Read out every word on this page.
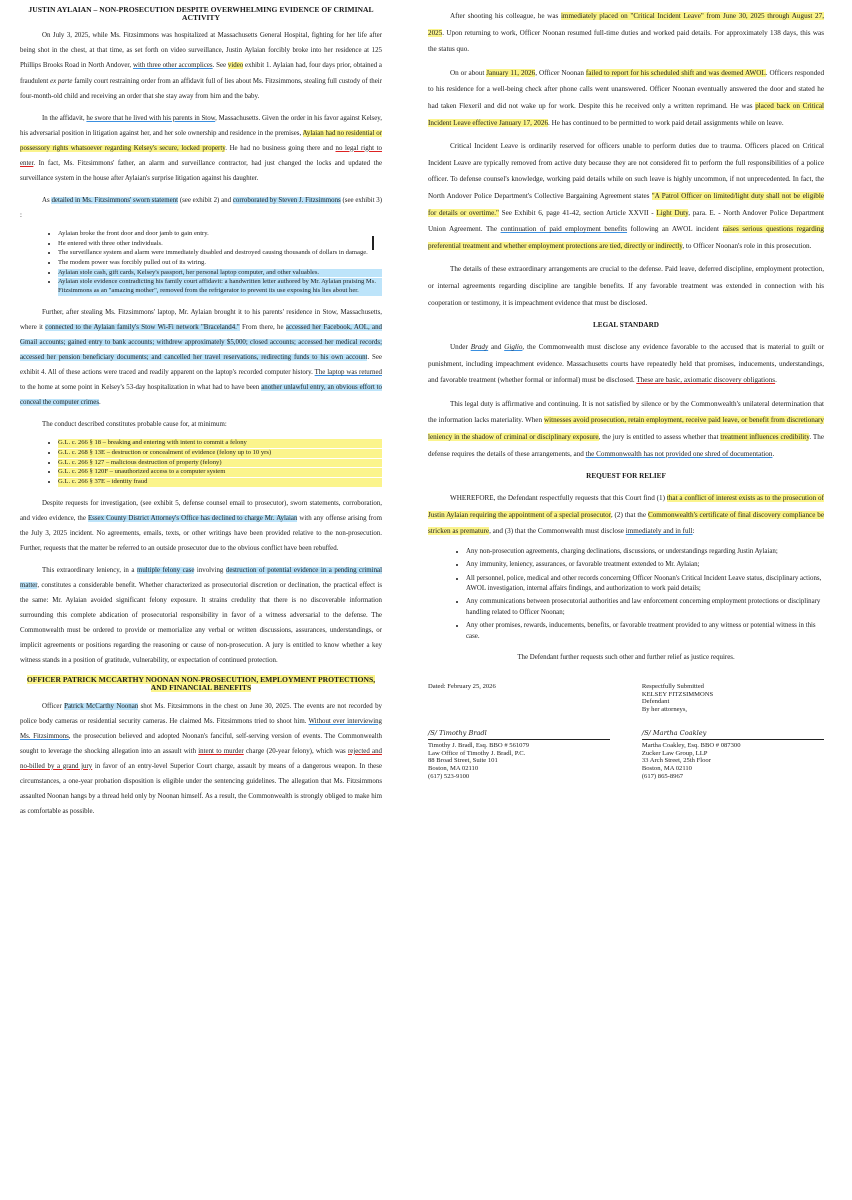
JUSTIN AYLAIAN – NON-PROSECUTION DESPITE OVERWHELMING EVIDENCE OF CRIMINAL ACTIVITY

On July 3, 2025, while Ms. Fitzsimmons was hospitalized at Massachusetts General Hospital, fighting for her life after being shot in the chest, at that time, as set forth on video surveillance, Justin Aylaian forcibly broke into her residence at 125 Phillips Brooks Road in North Andover, with three other accomplices. See video exhibit 1. Aylaian had, four days prior, obtained a fraudulent ex parte family court restraining order from an affidavit full of lies about Ms. Fitzsimmons, stealing full custody of their four-month-old child and receiving an order that she stay away from him and the baby.

In the affidavit, he swore that he lived with his parents in Stow, Massachusetts. Given the order in his favor against Kelsey, his adversarial position in litigation against her, and her sole ownership and residence in the premises, Aylaian had no residential or possessory rights whatsoever regarding Kelsey's secure, locked property. He had no business going there and no legal right to enter. In fact, Ms. Fitzsimmons' father, an alarm and surveillance contractor, had just changed the locks and updated the surveillance system in the house after Aylaian's surprise litigation against his daughter.

As detailed in Ms. Fitzsimmons' sworn statement (see exhibit 2) and corroborated by Steven J. Fitzsimmons (see exhibit 3) :

• Aylaian broke the front door and door jamb to gain entry.
• He entered with three other individuals.
• The surveillance system and alarm were immediately disabled and destroyed causing thousands of dollars in damage.
• The modem power was forcibly pulled out of its wiring.
• Aylaian stole cash, gift cards, Kelsey's passport, her personal laptop computer, and other valuables.
• Aylaian stole evidence contradicting his family court affidavit: a handwritten letter authored by Mr. Aylaian praising Ms. Fitzsimmons as an "amazing mother", removed from the refrigerator to prevent its use exposing his lies about her.

Further, after stealing Ms. Fitzsimmons' laptop, Mr. Aylaian brought it to his parents' residence in Stow, Massachusetts, where it connected to the Aylaian family's Stow Wi-Fi network "Braceland4." From there, he accessed her Facebook, AOL, and Gmail accounts; gained entry to bank accounts; withdrew approximately $5,000; closed accounts; accessed her medical records; accessed her pension beneficiary documents; and cancelled her travel reservations, redirecting funds to his own account. See exhibit 4. All of these actions were traced and readily apparent on the laptop's recorded computer history. The laptop was returned to the home at some point in Kelsey's 53-day hospitalization in what had to have been another unlawful entry, an obvious effort to conceal the computer crimes.

The conduct described constitutes probable cause for, at minimum:

• G.L. c. 266 § 18 – breaking and entering with intent to commit a felony
• G.L. c. 268 § 13E – destruction or concealment of evidence (felony up to 10 yrs)
• G.L. c. 266 § 127 – malicious destruction of property (felony)
• G.L. c. 266 § 120F – unauthorized access to a computer system
• G.L. c. 266 § 37E – identity fraud

Despite requests for investigation, (see exhibit 5, defense counsel email to prosecutor), sworn statements, corroboration, and video evidence, the Essex County District Attorney's Office has declined to charge Mr. Aylaian with any offense arising from the July 3, 2025 incident. No agreements, emails, texts, or other writings have been provided relative to the non-prosecution. Further, requests that the matter be referred to an outside prosecutor due to the obvious conflict have been rebuffed.

This extraordinary leniency, in a multiple felony case involving destruction of potential evidence in a pending criminal matter, constitutes a considerable benefit. Whether characterized as prosecutorial discretion or declination, the practical effect is the same: Mr. Aylaian avoided significant felony exposure. It strains credulity that there is no discoverable information surrounding this complete abdication of prosecutorial responsibility in favor of a witness adversarial to the defense. The Commonwealth must be ordered to provide or memorialize any verbal or written discussions, assurances, understandings, or implicit agreements or positions regarding the reasoning or cause of non-prosecution. A jury is entitled to know whether a key witness stands in a position of gratitude, vulnerability, or expectation of continued protection.

OFFICER PATRICK MCCARTHY NOONAN NON-PROSECUTION, EMPLOYMENT PROTECTIONS, AND FINANCIAL BENEFITS

Officer Patrick McCarthy Noonan shot Ms. Fitzsimmons in the chest on June 30, 2025. The events are not recorded by police body cameras or residential security cameras. He claimed Ms. Fitzsimmons tried to shoot him. Without ever interviewing Ms. Fitzsimmons, the prosecution believed and adopted Noonan's fanciful, self-serving version of events. The Commonwealth sought to leverage the shocking allegation into an assault with intent to murder charge (20-year felony), which was rejected and no-billed by a grand jury in favor of an entry-level Superior Court charge, assault by means of a dangerous weapon. In these circumstances, a one-year probation disposition is eligible under the sentencing guidelines. The allegation that Ms. Fitzsimmons assaulted Noonan hangs by a thread held only by Noonan himself. As a result, the Commonwealth is strongly obliged to make him as comfortable as possible.

After shooting his colleague, he was immediately placed on "Critical Incident Leave" from June 30, 2025 through August 27, 2025. Upon returning to work, Officer Noonan resumed full-time duties and worked paid details. For approximately 138 days, this was the status quo.

On or about January 11, 2026, Officer Noonan failed to report for his scheduled shift and was deemed AWOL. Officers responded to his residence for a well-being check after phone calls went unanswered. Officer Noonan eventually answered the door and stated he had taken Flexeril and did not wake up for work. Despite this he received only a written reprimand. He was placed back on Critical Incident Leave effective January 17, 2026. He has continued to be permitted to work paid detail assignments while on leave.

Critical Incident Leave is ordinarily reserved for officers unable to perform duties due to trauma. Officers placed on Critical Incident Leave are typically removed from active duty because they are not considered fit to perform the full responsibilities of a police officer. To defense counsel's knowledge, working paid details while on such leave is highly uncommon, if not unprecedented. In fact, the North Andover Police Department's Collective Bargaining Agreement states "A Patrol Officer on limited/light duty shall not be eligible for details or overtime." See Exhibit 6, page 41-42, section Article XXVII - Light Duty, para. E. - North Andover Police Department Union Agreement. The continuation of paid employment benefits following an AWOL incident raises serious questions regarding preferential treatment and whether employment protections are tied, directly or indirectly, to Officer Noonan's role in this prosecution.

The details of these extraordinary arrangements are crucial to the defense. Paid leave, deferred discipline, employment protection, or internal agreements regarding discipline are tangible benefits. If any favorable treatment was extended in connection with his cooperation or testimony, it is impeachment evidence that must be disclosed.

LEGAL STANDARD

Under Brady and Giglio, the Commonwealth must disclose any evidence favorable to the accused that is material to guilt or punishment, including impeachment evidence. Massachusetts courts have repeatedly held that promises, inducements, understandings, and favorable treatment (whether formal or informal) must be disclosed. These are basic, axiomatic discovery obligations.

This legal duty is affirmative and continuing. It is not satisfied by silence or by the Commonwealth's unilateral determination that the information lacks materiality. When witnesses avoid prosecution, retain employment, receive paid leave, or benefit from discretionary leniency in the shadow of criminal or disciplinary exposure, the jury is entitled to assess whether that treatment influences credibility. The defense requires the details of these arrangements, and the Commonwealth has not provided one shred of documentation.

REQUEST FOR RELIEF

WHEREFORE, the Defendant respectfully requests that this Court find (1) that a conflict of interest exists as to the prosecution of Justin Aylaian requiring the appointment of a special prosecutor, (2) that the Commonwealth's certificate of final discovery compliance be stricken as premature, and (3) that the Commonwealth must disclose immediately and in full:

• Any non-prosecution agreements, charging declinations, discussions, or understandings regarding Justin Aylaian;
• Any immunity, leniency, assurances, or favorable treatment extended to Mr. Aylaian;
• All personnel, police, medical and other records concerning Officer Noonan's Critical Incident Leave status, disciplinary actions, AWOL investigation, internal affairs findings, and authorization to work paid details;
• Any communications between prosecutorial authorities and law enforcement concerning employment protections or disciplinary handling related to Officer Noonan;
• Any other promises, rewards, inducements, benefits, or favorable treatment provided to any witness or potential witness in this case.
The Defendant further requests such other and further relief as justice requires.
Dated: February 25, 2026	Respectfully Submitted
KELSEY FITZSIMMONS
Defendant
By her attorneys,
/S/ Timothy Bradl
Timothy J. Bradl, Esq. BBO # 561079
Law Office of Timothy J. Bradl, P.C.
88 Broad Street, Suite 101
Boston, MA 02110
(617) 523-9100
/S/ Martha Coakley
Martha Coakley, Esq. BBO # 087300
Zucker Law Group, LLP
33 Arch Street, 25th Floor
Boston, MA 02110
(617) 865-8967
